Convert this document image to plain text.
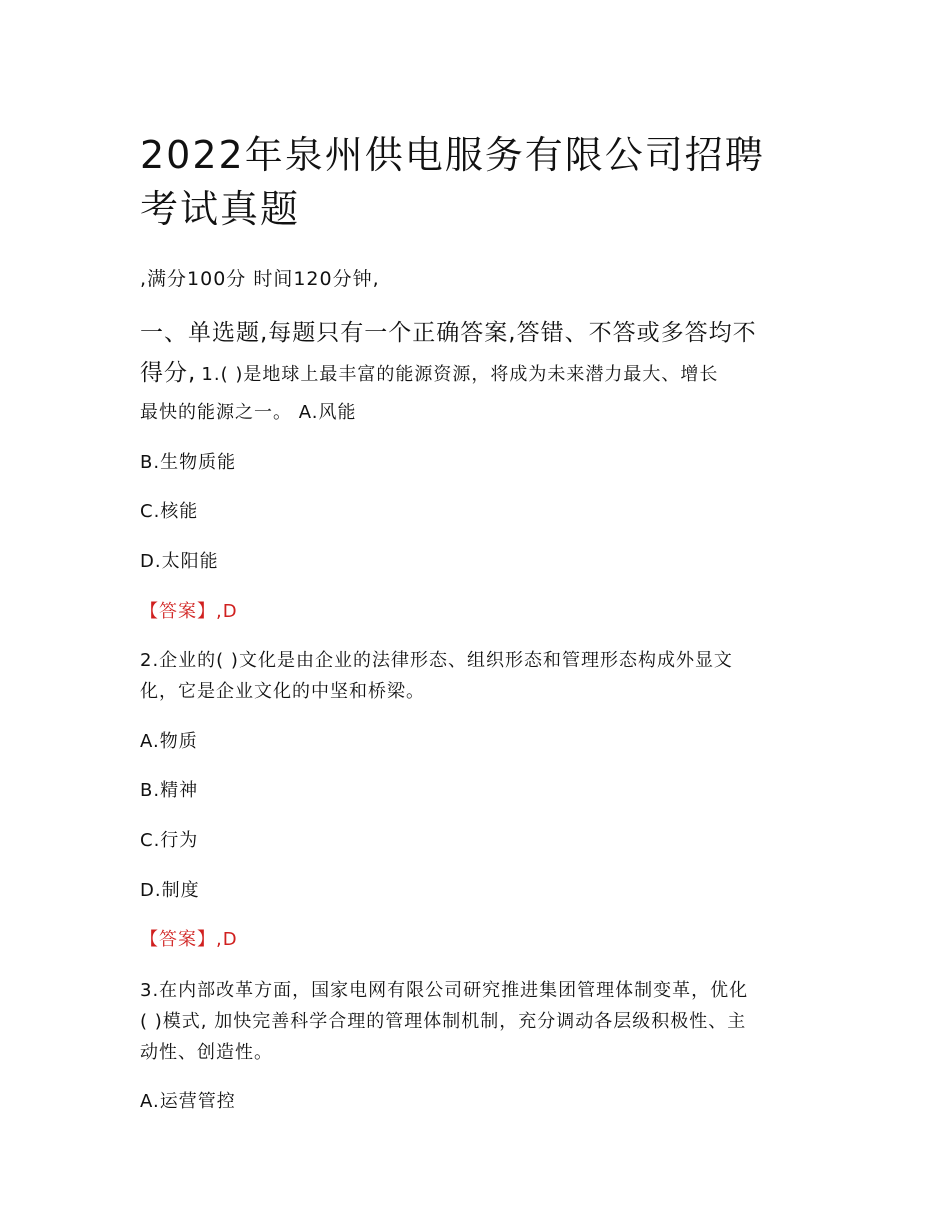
2022年泉州供电服务有限公司招聘
考试真题
,满分100分 时间120分钟,
一、单选题,每题只有一个正确答案,答错、不答或多答均不
得分, 1.( )是地球上最丰富的能源资源，将成为未来潜力最大、增长
最快的能源之一。 A.风能
B.生物质能
C.核能
D.太阳能
【答案】,D
2.企业的( )文化是由企业的法律形态、组织形态和管理形态构成外显文
化，它是企业文化的中坚和桥梁。
A.物质
B.精神
C.行为
D.制度
【答案】,D
3.在内部改革方面，国家电网有限公司研究推进集团管理体制变革，优化
( )模式, 加快完善科学合理的管理体制机制，充分调动各层级积极性、主
动性、创造性。
A.运营管控
